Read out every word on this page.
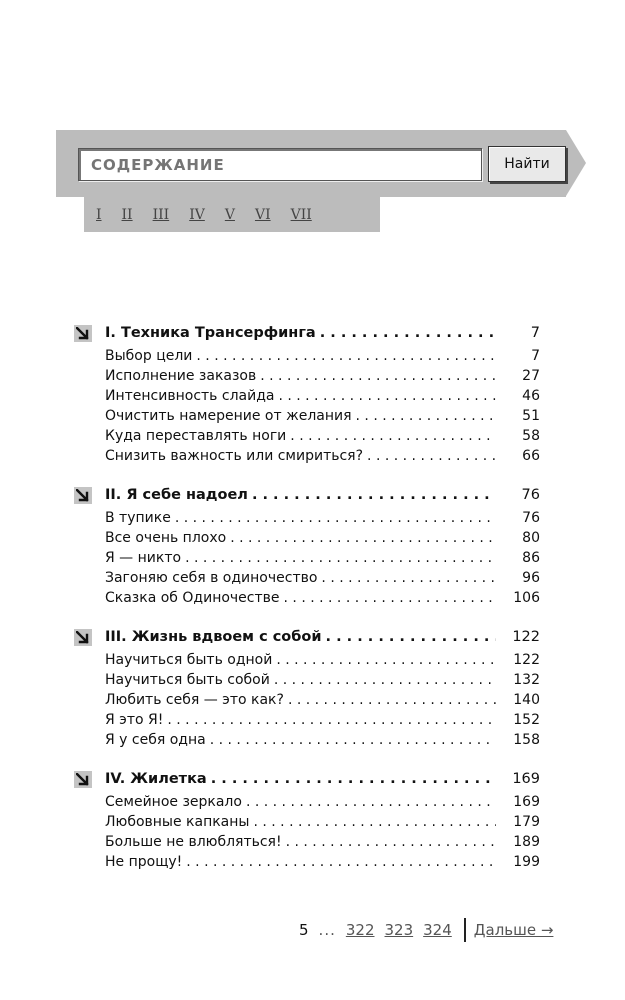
СОДЕРЖАНИЕ
Найти
I II III IV V VI VII
I. Техника Трансерфинга . . .	7
Выбор цели . . .	7
Исполнение заказов . . .	27
Интенсивность слайда . . .	46
Очистить намерение от желания . . .	51
Куда переставлять ноги . . .	58
Снизить важность или смириться? . . .	66
II. Я себе надоел . . .	76
В тупике . . .	76
Все очень плохо . . .	80
Я — никто . . .	86
Загоняю себя в одиночество . . .	96
Сказка об Одиночестве . . .	106
III. Жизнь вдвоем с собой . . .	122
Научиться быть одной . . .	122
Научиться быть собой . . .	132
Любить себя — это как? . . .	140
Я это Я! . . .	152
Я у себя одна . . .	158
IV. Жилетка . . .	169
Семейное зеркало . . .	169
Любовные капканы . . .	179
Больше не влюбляться! . . .	189
Не прощу! . . .	199
5 ... 322 323 324 Дальше →
